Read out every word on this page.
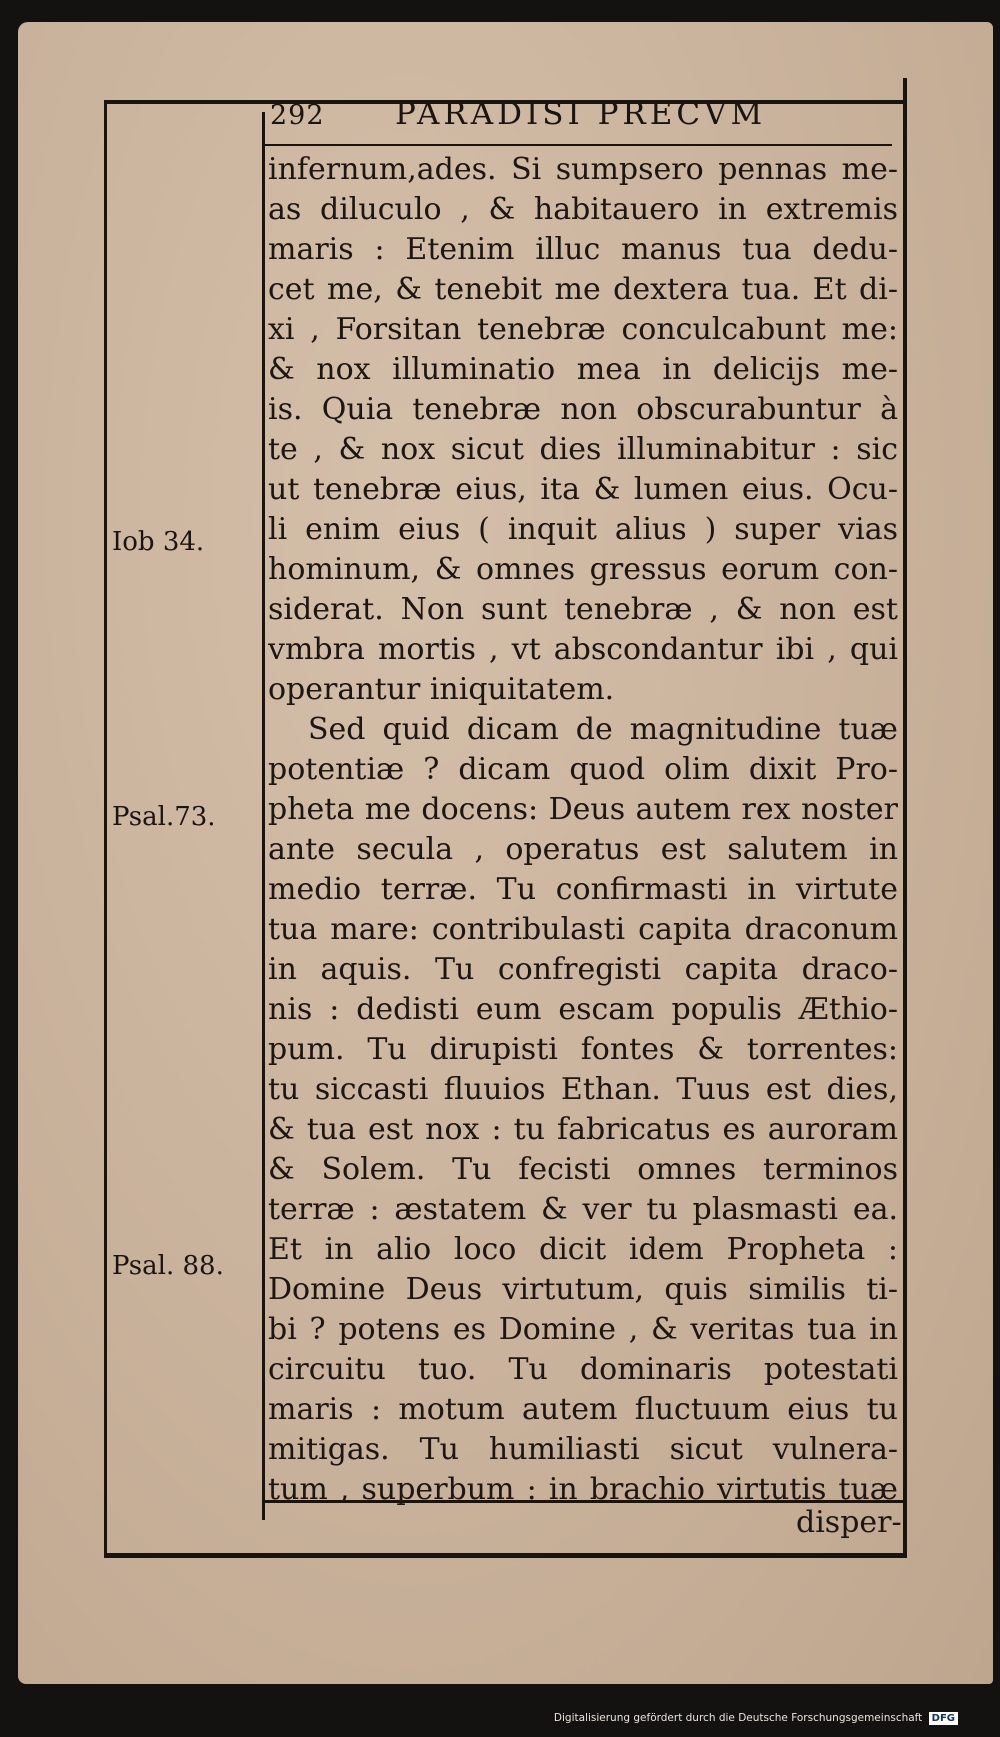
292 PARADISI PRECVM
Iob 34.
Psal.73.
Psal. 88.
infernum,ades. Si sumpsero pennas me-
as diluculo , & habitauero in extremis
maris : Etenim illuc manus tua dedu-
cet me, & tenebit me dextera tua. Et di-
xi , Forsitan tenebræ conculcabunt me:
& nox illuminatio mea in delicijs me-
is. Quia tenebræ non obscurabuntur à
te , & nox sicut dies illuminabitur : sic
ut tenebræ eius, ita & lumen eius. Ocu-
li enim eius ( inquit alius ) super vias
hominum, & omnes gressus eorum con-
siderat. Non sunt tenebræ , & non est
vmbra mortis , vt abscondantur ibi , qui
operantur iniquitatem.
Sed quid dicam de magnitudine tuæ
potentiæ ? dicam quod olim dixit Pro-
pheta me docens: Deus autem rex noster
ante secula , operatus est salutem in
medio terræ. Tu confirmasti in virtute
tua mare: contribulasti capita draconum
in aquis. Tu confregisti capita draco-
nis : dedisti eum escam populis Æthio-
pum. Tu dirupisti fontes & torrentes:
tu siccasti fluuios Ethan. Tuus est dies,
& tua est nox : tu fabricatus es auroram
& Solem. Tu fecisti omnes terminos
terræ : æstatem & ver tu plasmasti ea.
Et in alio loco dicit idem Propheta :
Domine Deus virtutum, quis similis ti-
bi ? potens es Domine , & veritas tua in
circuitu tuo. Tu dominaris potestati
maris : motum autem fluctuum eius tu
mitigas. Tu humiliasti sicut vulnera-
tum , superbum : in brachio virtutis tuæ
disper-
Digitalisierung gefördert durch die Deutsche Forschungsgemeinschaft DFG
